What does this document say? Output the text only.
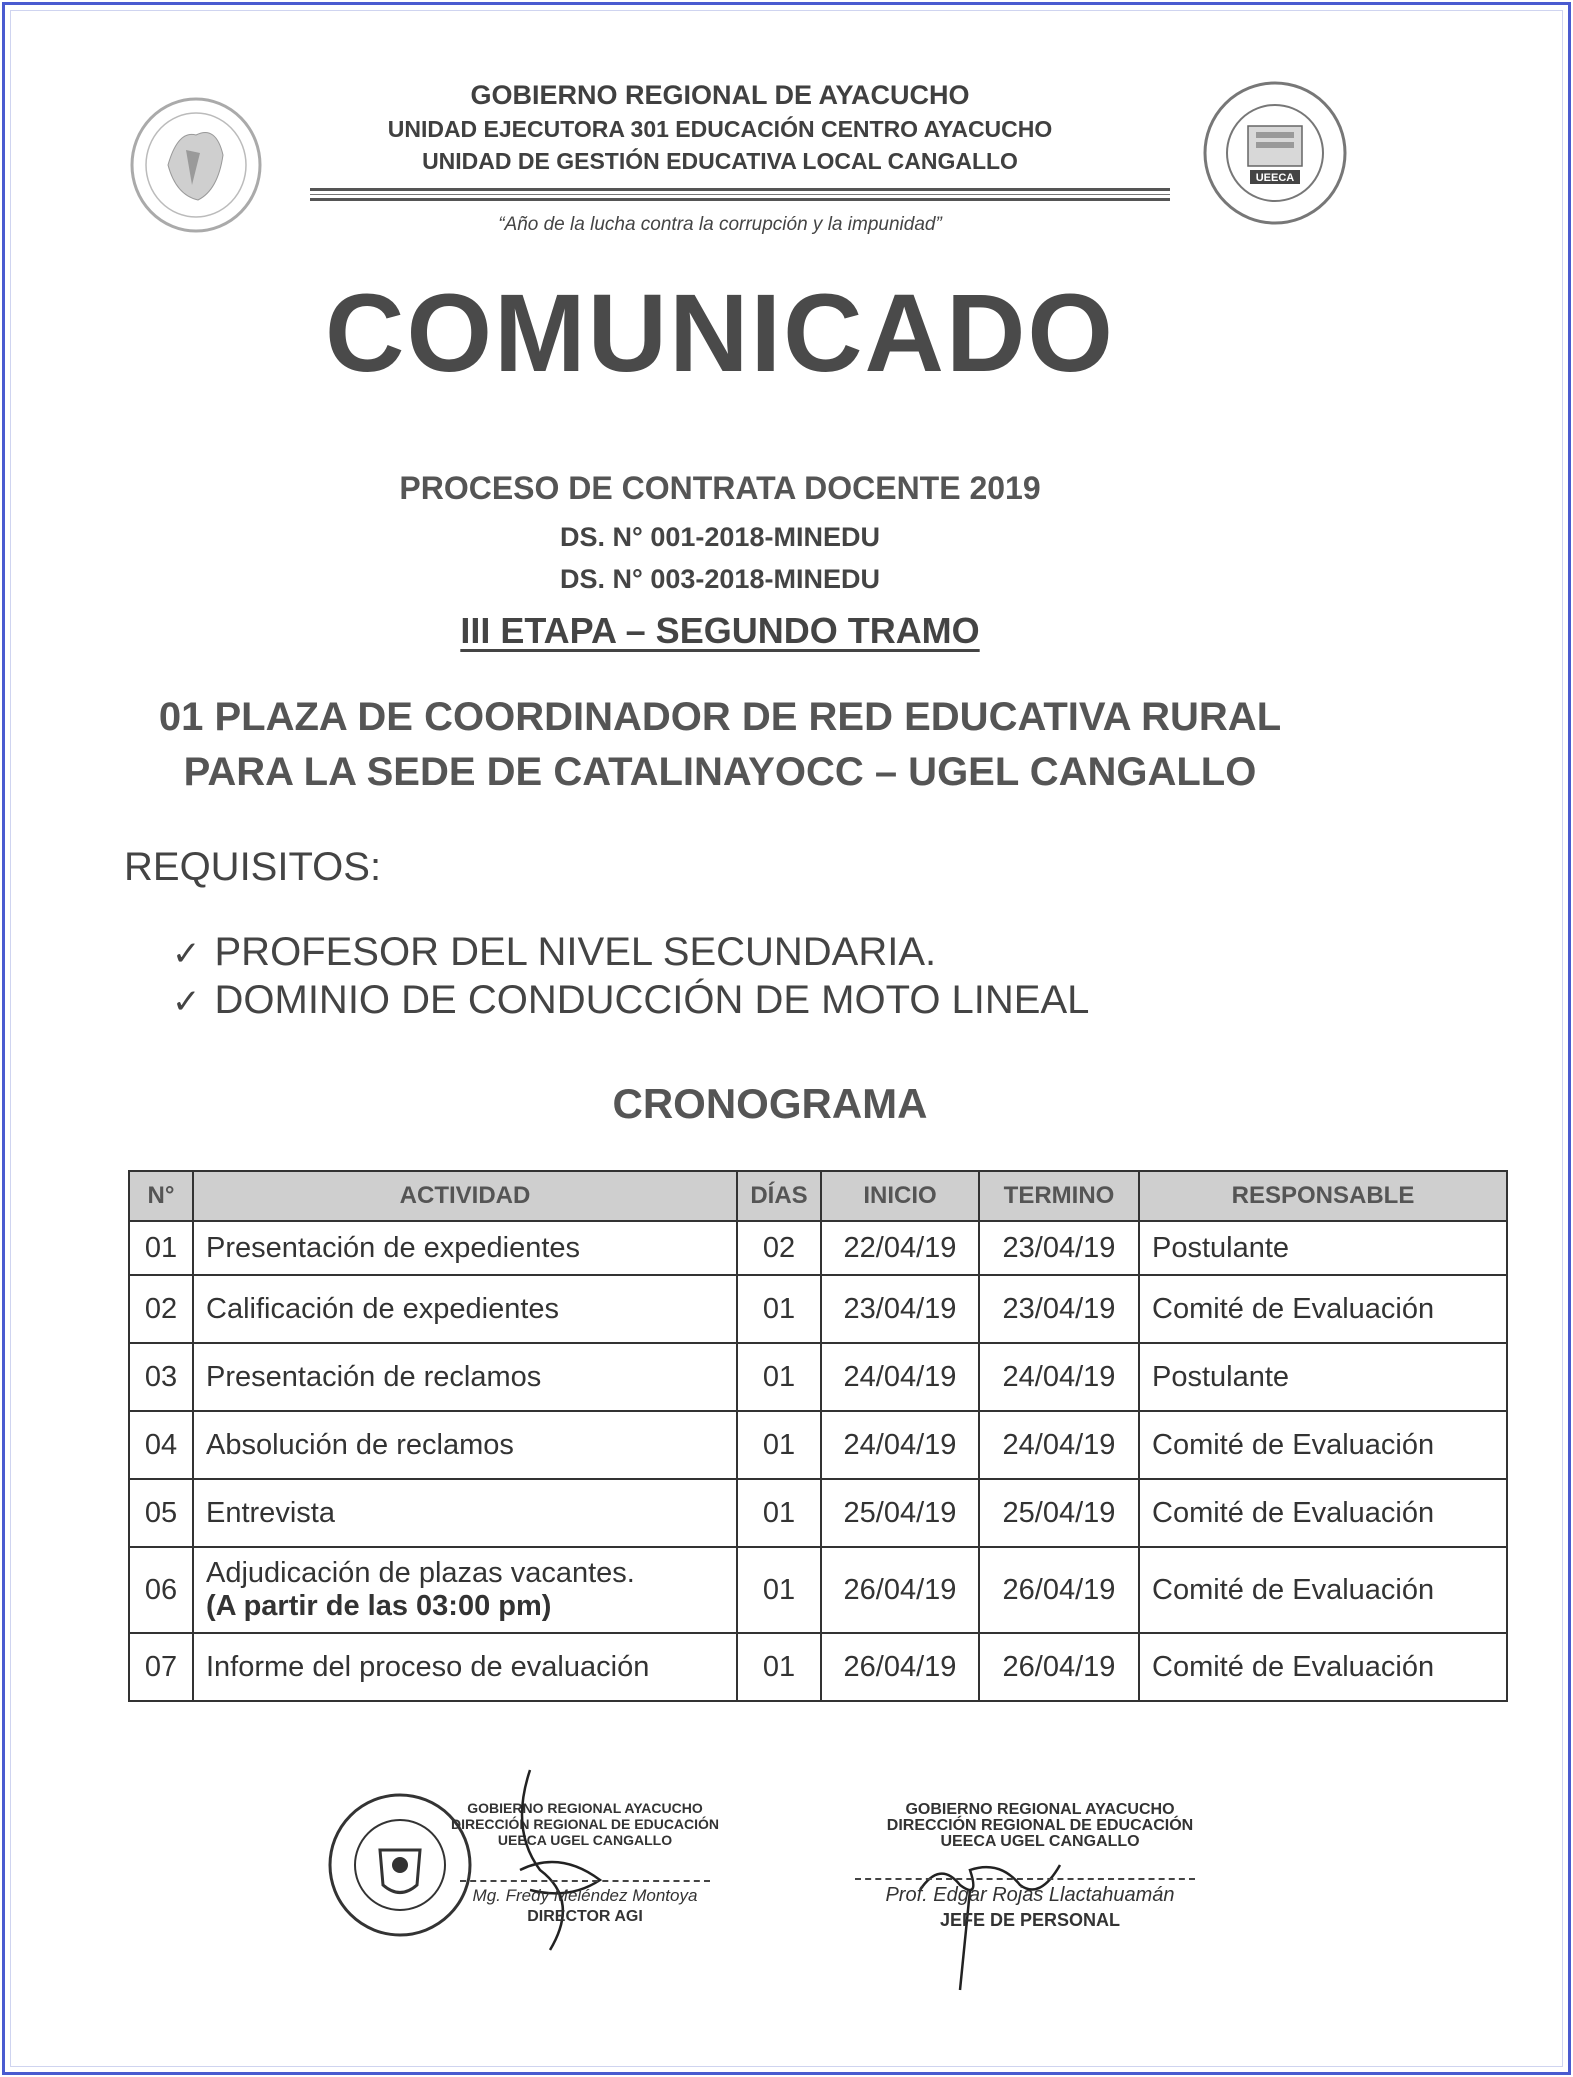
UEECA
GOBIERNO REGIONAL DE AYACUCHO
UNIDAD EJECUTORA 301 EDUCACIÓN CENTRO AYACUCHO
UNIDAD DE GESTIÓN EDUCATIVA LOCAL CANGALLO
“Año de la lucha contra la corrupción y la impunidad”
COMUNICADO
PROCESO DE CONTRATA DOCENTE 2019
DS. N° 001-2018-MINEDU
DS. N° 003-2018-MINEDU
III ETAPA – SEGUNDO TRAMO
01 PLAZA DE COORDINADOR DE RED EDUCATIVA RURAL
PARA LA SEDE DE CATALINAYOCC – UGEL CANGALLO
REQUISITOS:
✓ PROFESOR DEL NIVEL SECUNDARIA.
✓ DOMINIO DE CONDUCCIÓN DE MOTO LINEAL
CRONOGRAMA
N°	ACTIVIDAD	DÍAS	INICIO	TERMINO	RESPONSABLE
01	Presentación de expedientes	02	22/04/19	23/04/19	Postulante
02	Calificación de expedientes	01	23/04/19	23/04/19	Comité de Evaluación
03	Presentación de reclamos	01	24/04/19	24/04/19	Postulante
04	Absolución de reclamos	01	24/04/19	24/04/19	Comité de Evaluación
05	Entrevista	01	25/04/19	25/04/19	Comité de Evaluación
06	Adjudicación de plazas vacantes.
(A partir de las 03:00 pm)	01	26/04/19	26/04/19	Comité de Evaluación
07	Informe del proceso de evaluación	01	26/04/19	26/04/19	Comité de Evaluación
GOBIERNO REGIONAL AYACUCHO
DIRECCIÓN REGIONAL DE EDUCACIÓN
UEECA UGEL CANGALLO
Mg. Fredy Meléndez Montoya
DIRECTOR AGI
GOBIERNO REGIONAL AYACUCHO
DIRECCIÓN REGIONAL DE EDUCACIÓN
UEECA UGEL CANGALLO
Prof. Edgar Rojas Llactahuamán
JEFE DE PERSONAL
